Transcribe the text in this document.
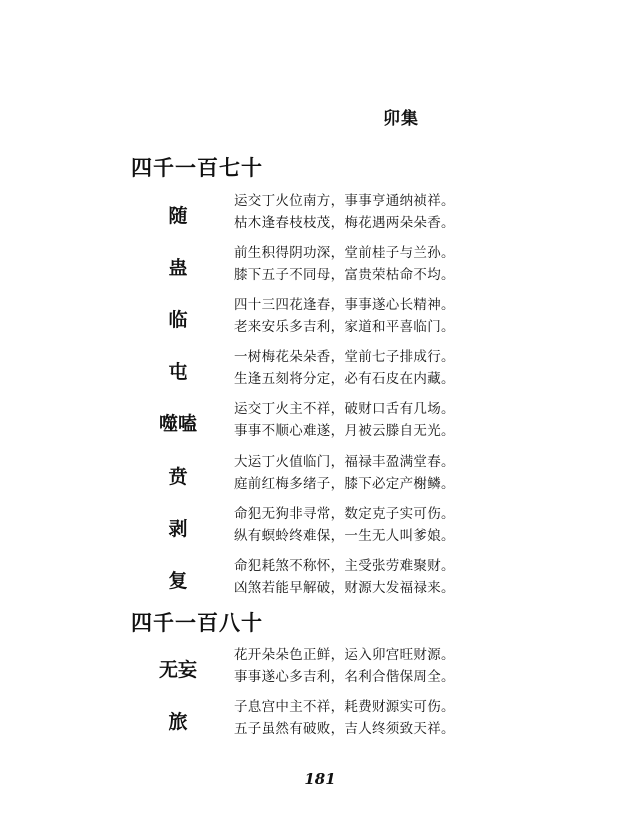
卯集
四千一百七十
随
运交丁火位南方，事事亨通纳祯祥。
枯木逢春枝枝茂，梅花遇两朵朵香。
蛊
前生积得阴功深，堂前桂子与兰孙。
膝下五子不同母，富贵荣枯命不均。
临
四十三四花逢春，事事遂心长精神。
老来安乐多吉利，家道和平喜临门。
屯
一树梅花朵朵香，堂前七子排成行。
生逢五刻将分定，必有石皮在内藏。
噬嗑
运交丁火主不祥，破财口舌有几场。
事事不顺心难遂，月被云滕自无光。
贲
大运丁火值临门，福禄丰盈满堂春。
庭前红梅多绪子，膝下必定产榭鳞。
剥
命犯无狗非寻常，数定克子实可伤。
纵有螟蛉终难保，一生无人叫爹娘。
复
命犯耗煞不称怀，主受张劳难聚财。
凶煞若能早解破，财源大发福禄来。
四千一百八十
无妄
花开朵朵色正鲜，运入卯宫旺财源。
事事遂心多吉利，名利合偕保周全。
旅
子息宫中主不祥，耗费财源实可伤。
五子虽然有破败，吉人终须致天祥。
181
